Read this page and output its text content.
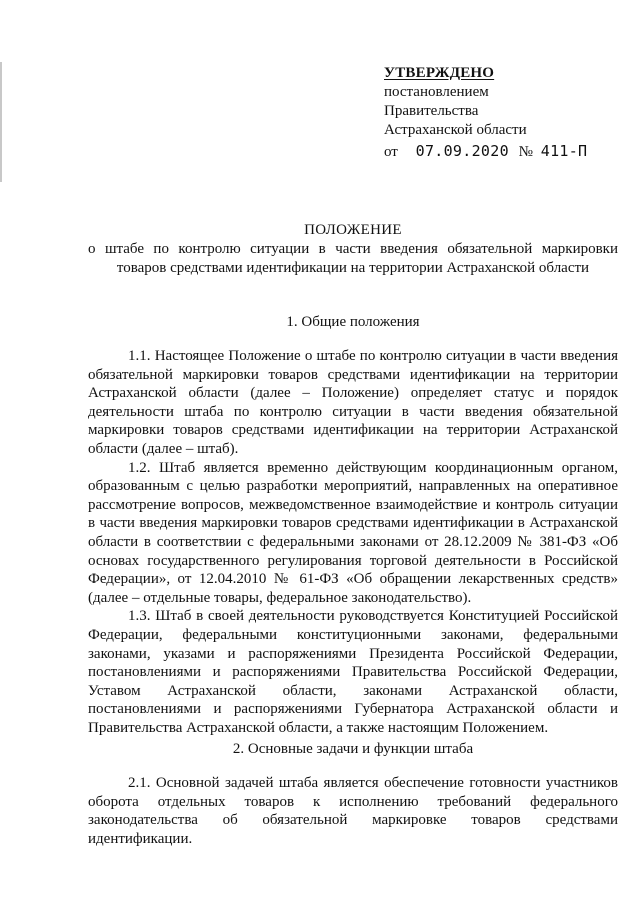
УТВЕРЖДЕНО
постановлением
Правительства
Астраханской области
от 07.09.2020 № 411-П
ПОЛОЖЕНИЕ
о штабе по контролю ситуации в части введения обязательной маркировки товаров средствами идентификации на территории Астраханской области
1. Общие положения

1.1. Настоящее Положение о штабе по контролю ситуации в части введения обязательной маркировки товаров средствами идентификации на территории Астраханской области (далее – Положение) определяет статус и порядок деятельности штаба по контролю ситуации в части введения обязательной маркировки товаров средствами идентификации на территории Астраханской области (далее – штаб).

1.2. Штаб является временно действующим координационным органом, образованным с целью разработки мероприятий, направленных на оперативное рассмотрение вопросов, межведомственное взаимодействие и контроль ситуации в части введения маркировки товаров средствами идентификации в Астраханской области в соответствии с федеральными законами от 28.12.2009 № 381-ФЗ «Об основах государственного регулирования торговой деятельности в Российской Федерации», от 12.04.2010 № 61-ФЗ «Об обращении лекарственных средств» (далее – отдельные товары, федеральное законодательство).

1.3. Штаб в своей деятельности руководствуется Конституцией Российской Федерации, федеральными конституционными законами, федеральными законами, указами и распоряжениями Президента Российской Федерации, постановлениями и распоряжениями Правительства Российской Федерации, Уставом Астраханской области, законами Астраханской области, постановлениями и распоряжениями Губернатора Астраханской области и Правительства Астраханской области, а также настоящим Положением.

2. Основные задачи и функции штаба

2.1. Основной задачей штаба является обеспечение готовности участников оборота отдельных товаров к исполнению требований федерального законодательства об обязательной маркировке товаров средствами идентификации.
